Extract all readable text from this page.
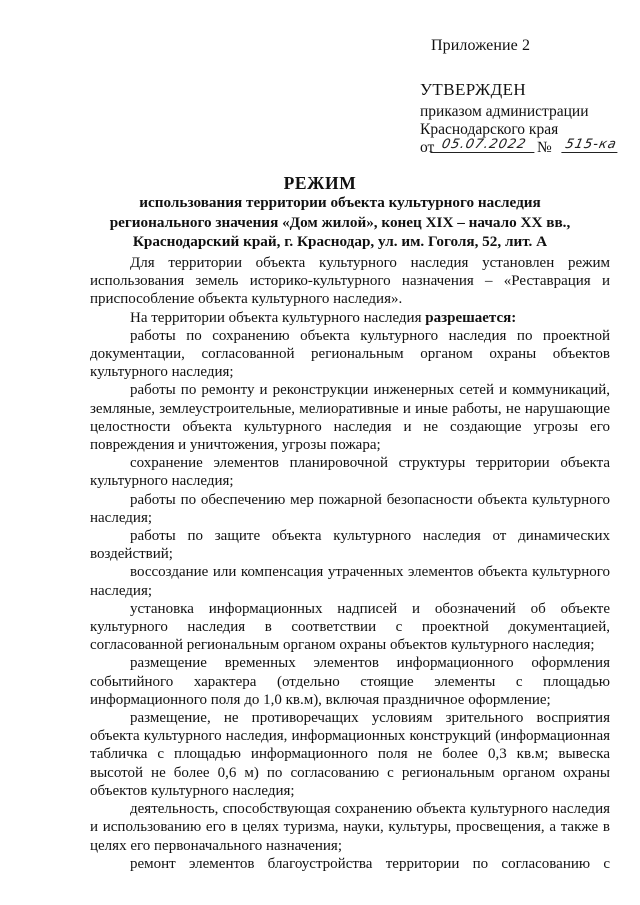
Приложение 2
УТВЕРЖДЕН
приказом администрации
Краснодарского края
от 05.07.2022 № 515-ка
РЕЖИМ
использования территории объекта культурного наследия
регионального значения «Дом жилой», конец XIX – начало XX вв.,
Краснодарский край, г. Краснодар, ул. им. Гоголя, 52, лит. А

Для территории объекта культурного наследия установлен режим использования земель историко-культурного назначения – «Реставрация и приспособление объекта культурного наследия».

На территории объекта культурного наследия разрешается:

работы по сохранению объекта культурного наследия по проектной документации, согласованной региональным органом охраны объектов культурного наследия;

работы по ремонту и реконструкции инженерных сетей и коммуникаций, земляные, землеустроительные, мелиоративные и иные работы, не нарушающие целостности объекта культурного наследия и не создающие угрозы его повреждения и уничтожения, угрозы пожара;

сохранение элементов планировочной структуры территории объекта культурного наследия;

работы по обеспечению мер пожарной безопасности объекта культурного наследия;

работы по защите объекта культурного наследия от динамических воздействий;

воссоздание или компенсация утраченных элементов объекта культурного наследия;

установка информационных надписей и обозначений об объекте культурного наследия в соответствии с проектной документацией, согласованной региональным органом охраны объектов культурного наследия;

размещение временных элементов информационного оформления событийного характера (отдельно стоящие элементы с площадью информационного поля до 1,0 кв.м), включая праздничное оформление;

размещение, не противоречащих условиям зрительного восприятия объекта культурного наследия, информационных конструкций (информационная табличка с площадью информационного поля не более 0,3 кв.м; вывеска высотой не более 0,6 м) по согласованию с региональным органом охраны объектов культурного наследия;

деятельность, способствующая сохранению объекта культурного наследия и использованию его в целях туризма, науки, культуры, просвещения, а также в целях его первоначального назначения;

ремонт элементов благоустройства территории по согласованию с
